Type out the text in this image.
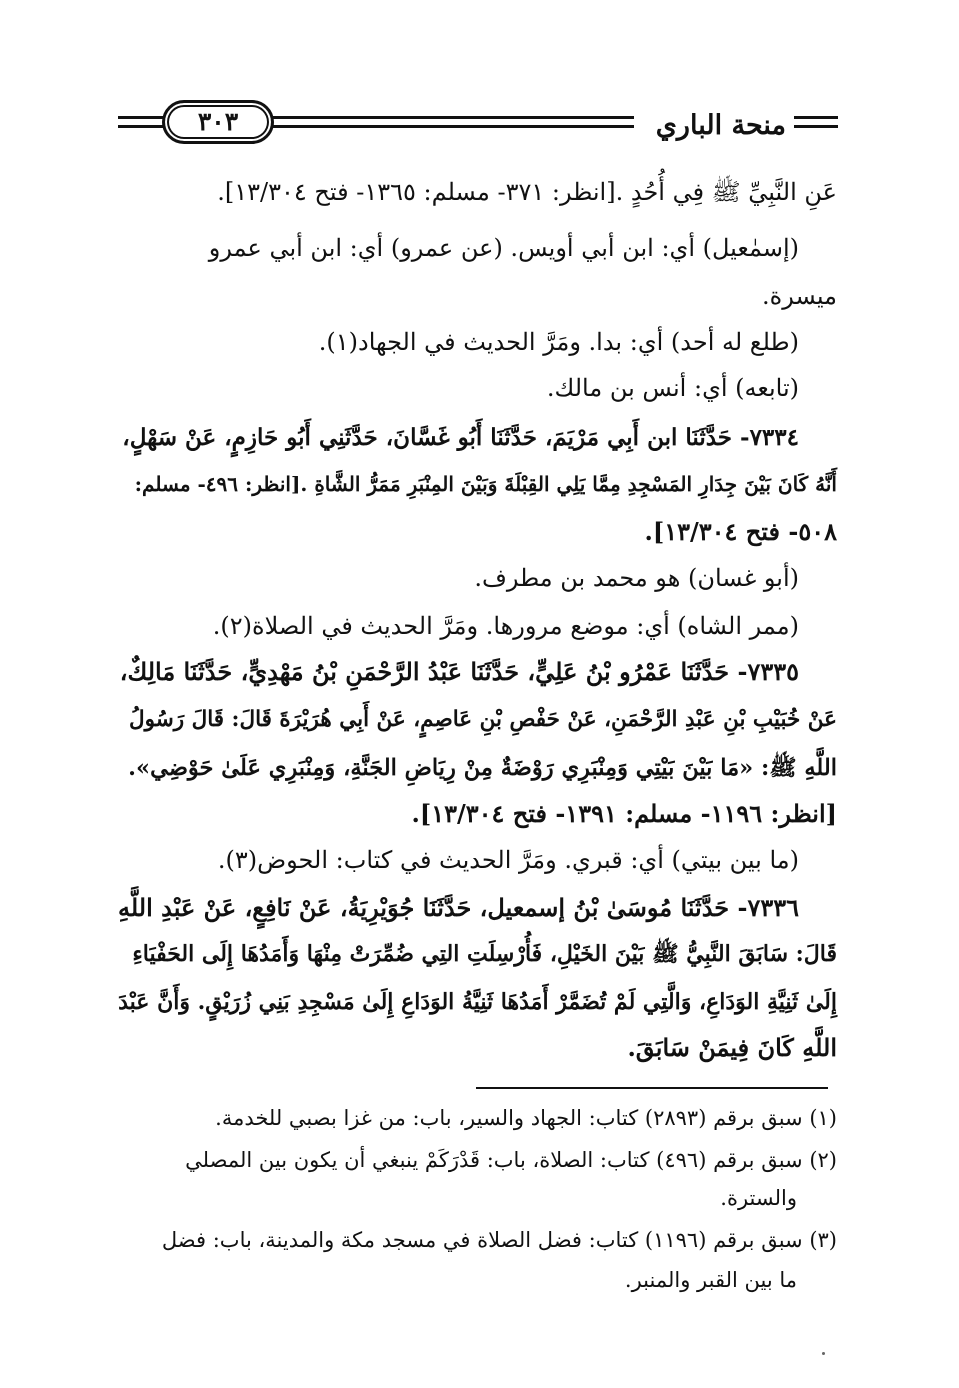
منحة الباري
٣٠٣
عَنِ النَّبِيِّ ﷺ فِي أُحُدٍ .[انظر: ٣٧١- مسلم: ١٣٦٥- فتح ١٣/٣٠٤].
(إسمٰعيل) أي: ابن أبي أويس. (عن عمرو) أي: ابن أبي عمرو
ميسرة.
(طلع له أحد) أي: بدا. ومَرَّ الحديث في الجهاد(١).
(تابعه) أي: أنس بن مالك.
٧٣٣٤- حَدَّثَنَا ابن أَبِي مَرْيَمَ، حَدَّثَنَا أَبُو غَسَّانَ، حَدَّثَنِي أَبُو حَازِمٍ، عَنْ سَهْلٍ،
أَنَّهُ كَانَ بَيْنَ جِدَارِ المَسْجِدِ مِمَّا يَلِي القِبْلَةَ وَبَيْنَ المِنْبَرِ مَمَرُّ الشَّاةِ .[انظر: ٤٩٦- مسلم:
٥٠٨- فتح ١٣/٣٠٤].
(أبو غسان) هو محمد بن مطرف.
(ممر الشاه) أي: موضع مرورها. ومَرَّ الحديث في الصلاة(٢).
٧٣٣٥- حَدَّثَنَا عَمْرُو بْنُ عَلِيٍّ، حَدَّثَنَا عَبْدُ الرَّحْمَنِ بْنُ مَهْدِيٍّ، حَدَّثَنَا مَالِكٌ،
عَنْ خُبَيْبِ بْنِ عَبْدِ الرَّحْمَنِ، عَنْ حَفْصِ بْنِ عَاصِمٍ، عَنْ أَبِي هُرَيْرَةَ قَالَ: قَالَ رَسُولُ
اللَّهِ ﷺ: «مَا بَيْنَ بَيْتِي وَمِنْبَرِي رَوْضَةٌ مِنْ رِيَاضِ الجَنَّةِ، وَمِنْبَرِي عَلَىٰ حَوْضِي».
[انظر: ١١٩٦- مسلم: ١٣٩١- فتح ١٣/٣٠٤].
(ما بين بيتي) أي: قبري. ومَرَّ الحديث في كتاب: الحوض(٣).
٧٣٣٦- حَدَّثَنَا مُوسَىٰ بْنُ إسمعيل، حَدَّثَنَا جُوَيْرِيَةُ، عَنْ نَافِعٍ، عَنْ عَبْدِ اللَّهِ
قَالَ: سَابَقَ النَّبِيُّ ﷺ بَيْنَ الخَيْلِ، فَأُرْسِلَتِ التِي ضُمِّرَتْ مِنْهَا وَأَمَدُهَا إِلَى الحَفْيَاءِ
إِلَىٰ ثَنِيَّةِ الوَدَاعِ، وَالَّتِي لَمْ تُضَمَّرْ أَمَدُهَا ثَنِيَّةُ الوَدَاعِ إِلَىٰ مَسْجِدِ بَنِي زُرَيْقٍ. وَأَنَّ عَبْدَ
اللَّهِ كَانَ فِيمَنْ سَابَقَ.
(١) سبق برقم (٢٨٩٣) كتاب: الجهاد والسير، باب: من غزا بصبي للخدمة.
(٢) سبق برقم (٤٩٦) كتاب: الصلاة، باب: قَدْرَكَمْ ينبغي أن يكون بين المصلي
والسترة.
(٣) سبق برقم (١١٩٦) كتاب: فضل الصلاة في مسجد مكة والمدينة، باب: فضل
ما بين القبر والمنبر.
